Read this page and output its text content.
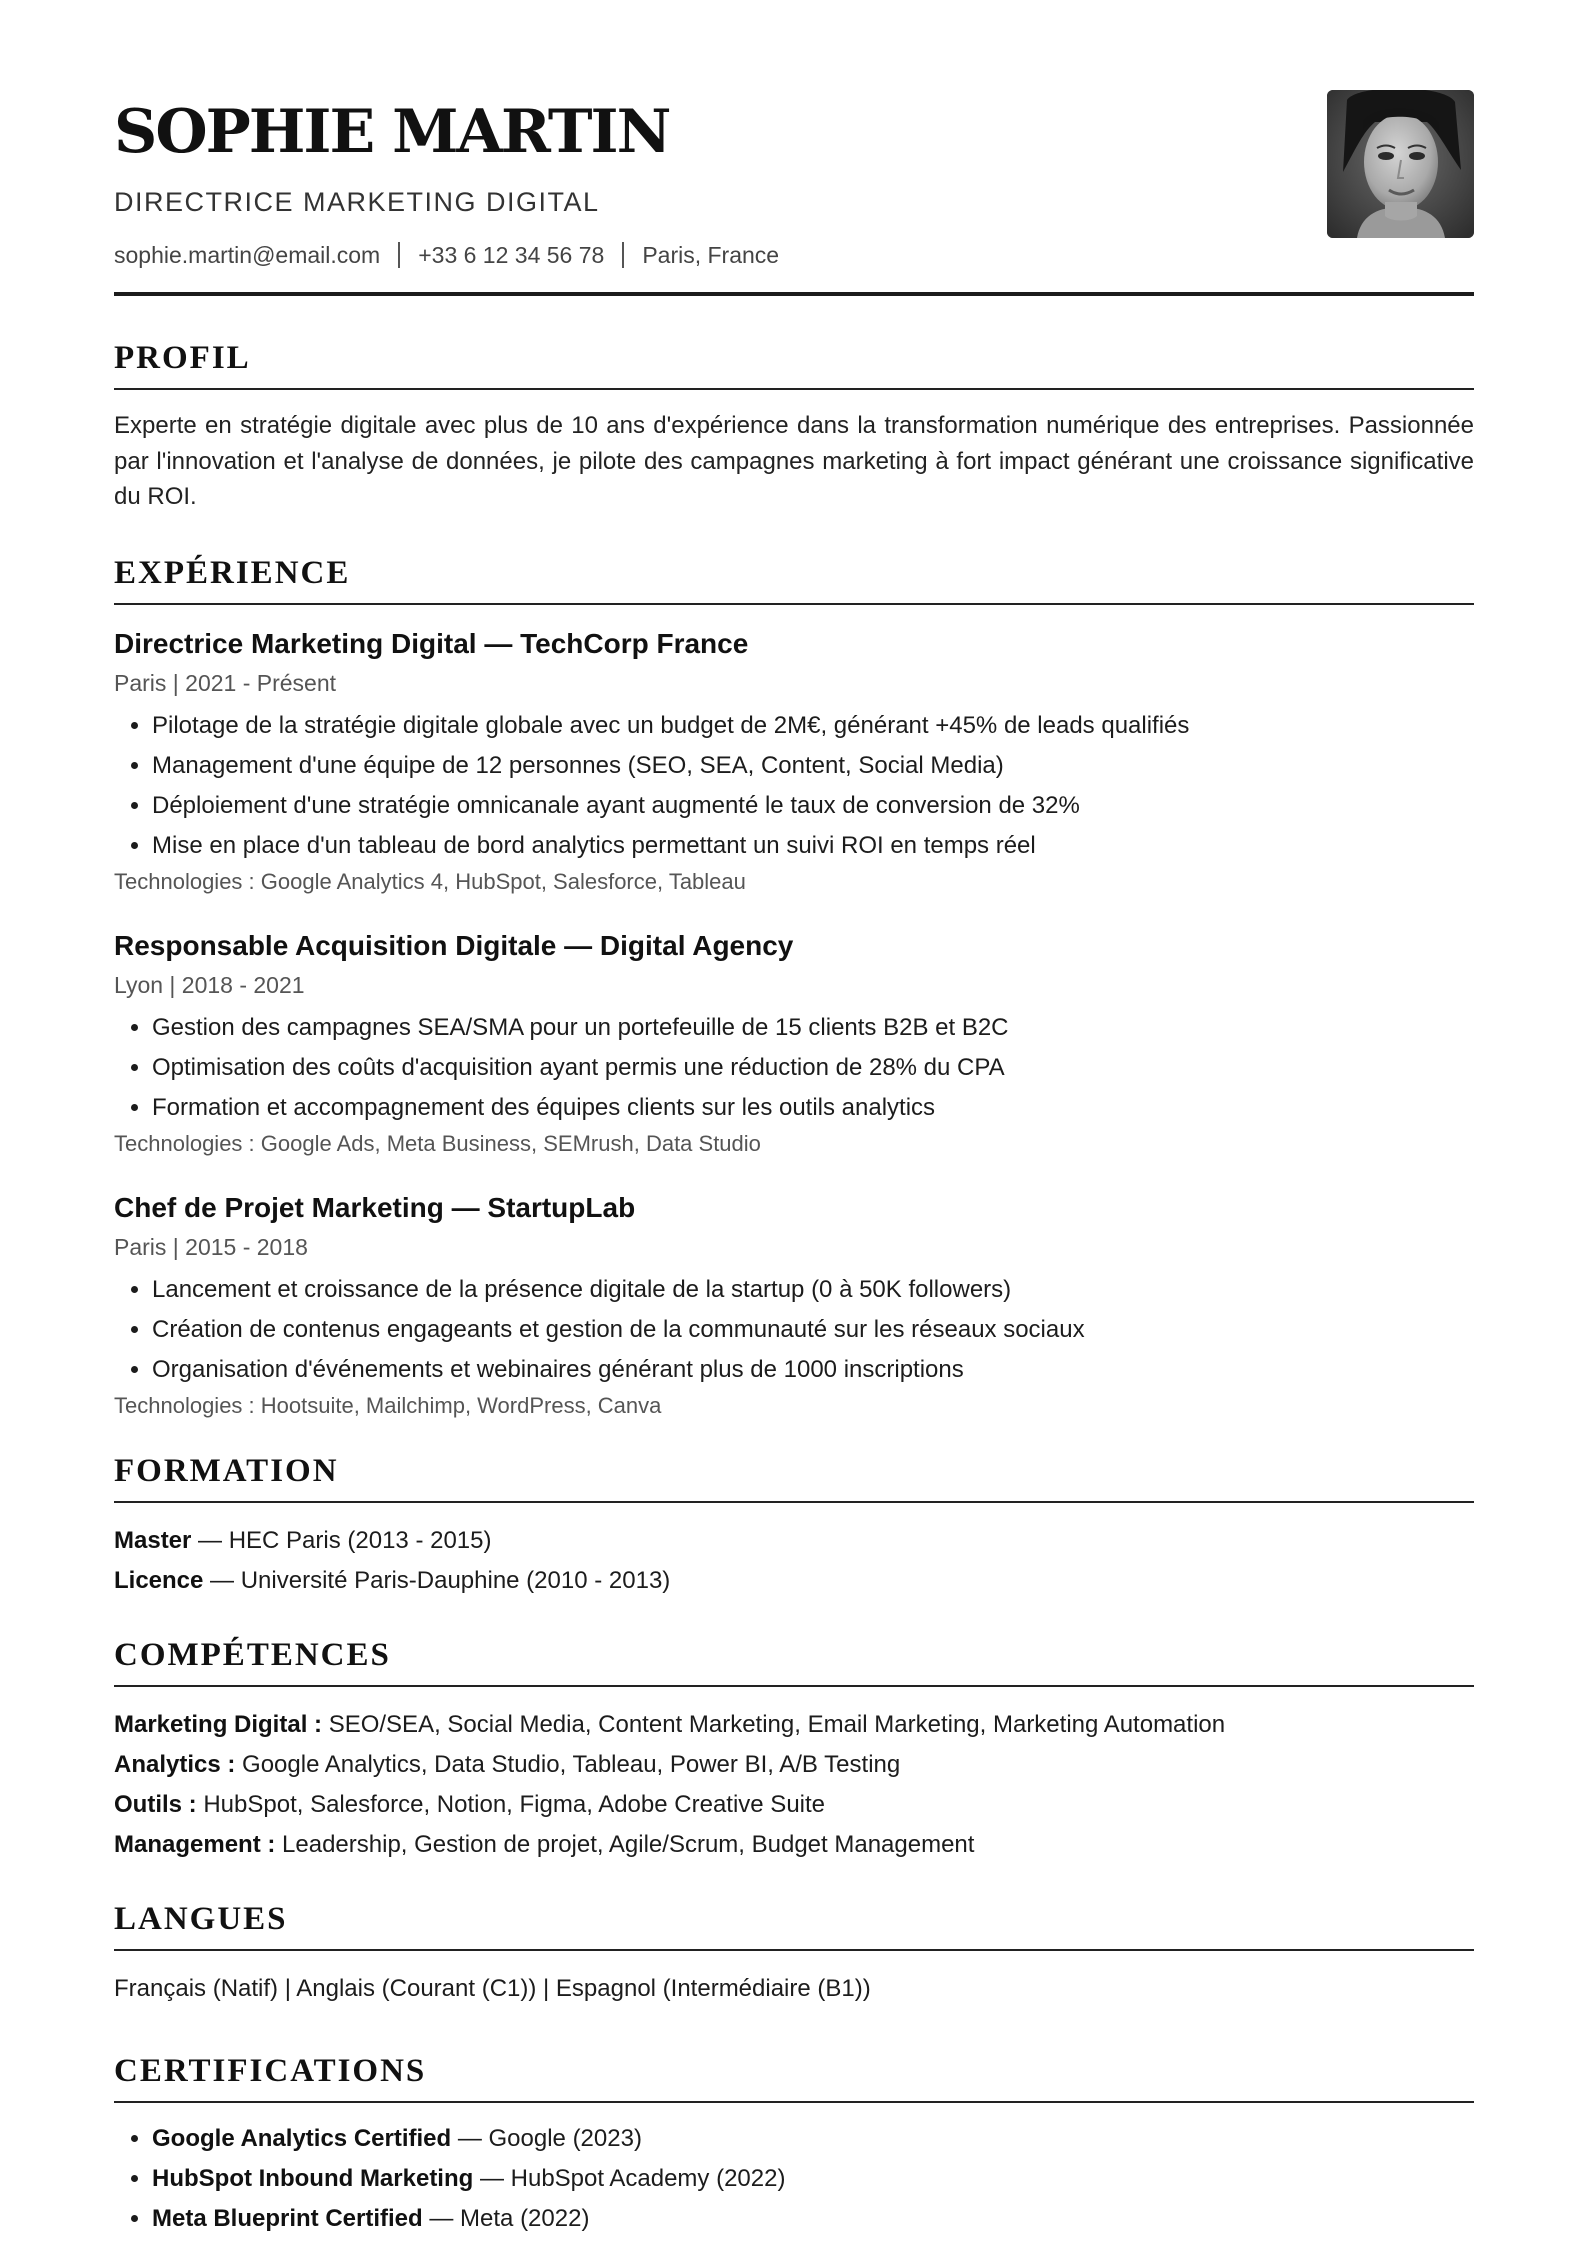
SOPHIE MARTIN
DIRECTRICE MARKETING DIGITAL
sophie.martin@email.com +33 6 12 34 56 78 Paris, France
PROFIL

Experte en stratégie digitale avec plus de 10 ans d'expérience dans la transformation numérique des entreprises. Passionnée par l'innovation et l'analyse de données, je pilote des campagnes marketing à fort impact générant une croissance significative du ROI.

EXPÉRIENCE
Directrice Marketing Digital — TechCorp France
Paris | 2021 - Présent
• Pilotage de la stratégie digitale globale avec un budget de 2M€, générant +45% de leads qualifiés
• Management d'une équipe de 12 personnes (SEO, SEA, Content, Social Media)
• Déploiement d'une stratégie omnicanale ayant augmenté le taux de conversion de 32%
• Mise en place d'un tableau de bord analytics permettant un suivi ROI en temps réel
Technologies : Google Analytics 4, HubSpot, Salesforce, Tableau
Responsable Acquisition Digitale — Digital Agency
Lyon | 2018 - 2021
• Gestion des campagnes SEA/SMA pour un portefeuille de 15 clients B2B et B2C
• Optimisation des coûts d'acquisition ayant permis une réduction de 28% du CPA
• Formation et accompagnement des équipes clients sur les outils analytics
Technologies : Google Ads, Meta Business, SEMrush, Data Studio
Chef de Projet Marketing — StartupLab
Paris | 2015 - 2018
• Lancement et croissance de la présence digitale de la startup (0 à 50K followers)
• Création de contenus engageants et gestion de la communauté sur les réseaux sociaux
• Organisation d'événements et webinaires générant plus de 1000 inscriptions
Technologies : Hootsuite, Mailchimp, WordPress, Canva
FORMATION
Master — HEC Paris (2013 - 2015)
Licence — Université Paris-Dauphine (2010 - 2013)
COMPÉTENCES
Marketing Digital : SEO/SEA, Social Media, Content Marketing, Email Marketing, Marketing Automation
Analytics : Google Analytics, Data Studio, Tableau, Power BI, A/B Testing
Outils : HubSpot, Salesforce, Notion, Figma, Adobe Creative Suite
Management : Leadership, Gestion de projet, Agile/Scrum, Budget Management
LANGUES
Français (Natif) | Anglais (Courant (C1)) | Espagnol (Intermédiaire (B1))
CERTIFICATIONS
• Google Analytics Certified — Google (2023)
• HubSpot Inbound Marketing — HubSpot Academy (2022)
• Meta Blueprint Certified — Meta (2022)
